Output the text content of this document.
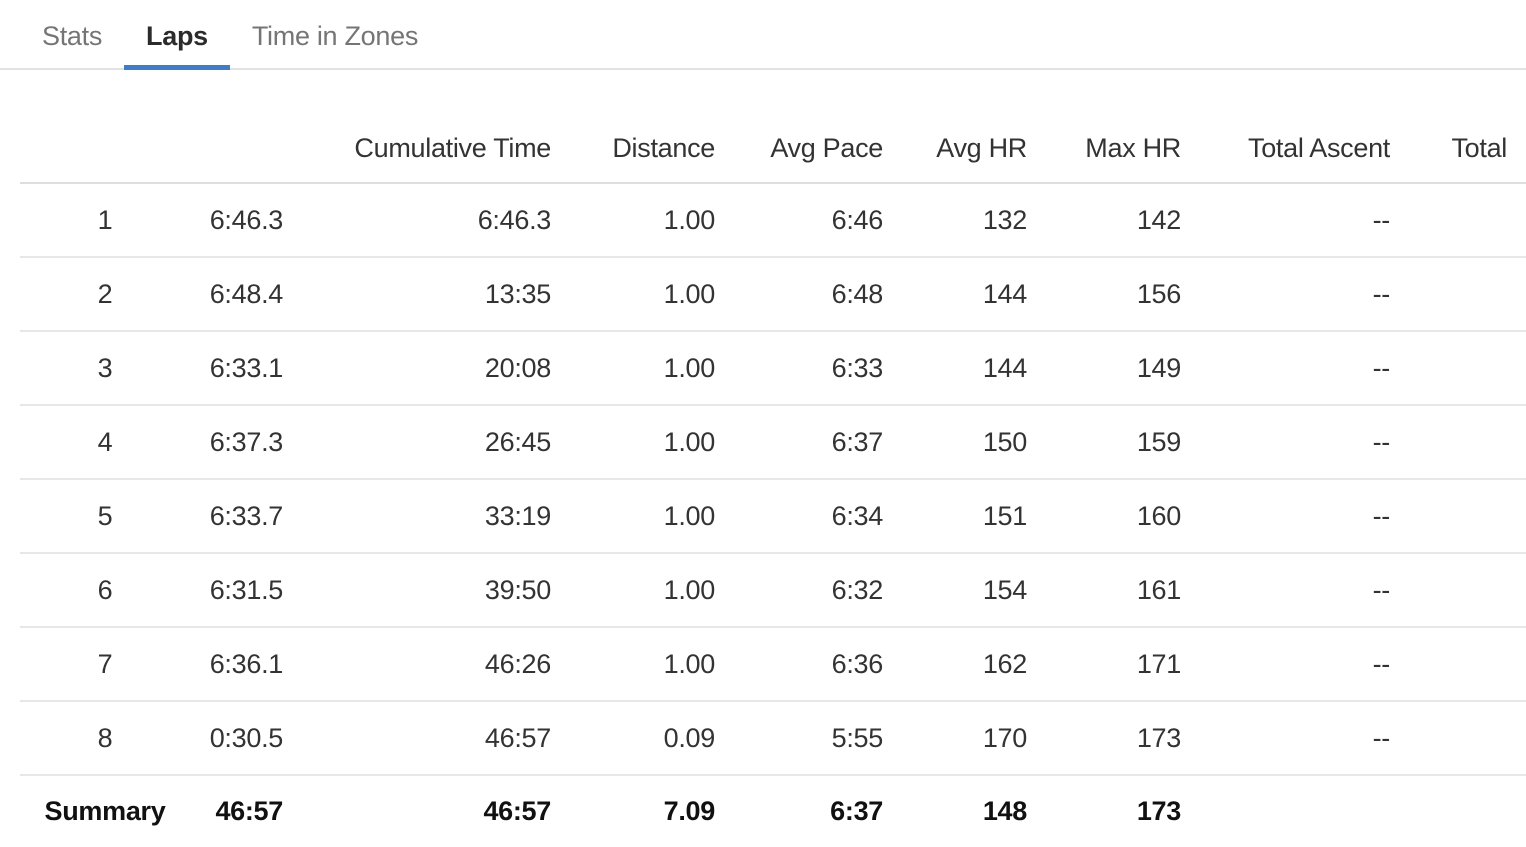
Stats	Laps	Time in Zones
		Cumulative Time	Distance	Avg Pace	Avg HR	Max HR	Total Ascent	Total
1	6:46.3	6:46.3	1.00	6:46	132	142	--	
2	6:48.4	13:35	1.00	6:48	144	156	--	
3	6:33.1	20:08	1.00	6:33	144	149	--	
4	6:37.3	26:45	1.00	6:37	150	159	--	
5	6:33.7	33:19	1.00	6:34	151	160	--	
6	6:31.5	39:50	1.00	6:32	154	161	--	
7	6:36.1	46:26	1.00	6:36	162	171	--	
8	0:30.5	46:57	0.09	5:55	170	173	--	
Summary	46:57	46:57	7.09	6:37	148	173		
